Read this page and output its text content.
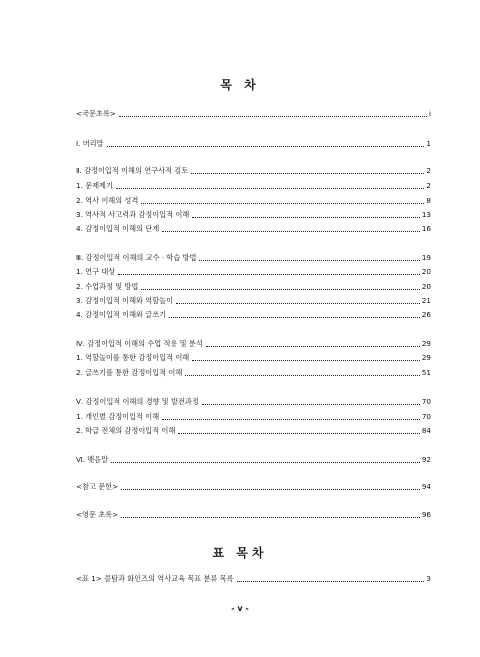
목 차
<국문초록>	i
Ⅰ. 머리말	1
Ⅱ. 감정이입적 이해의 연구사적 검토	2
1. 문제제기	2
2. 역사 이해의 성격	8
3. 역사적 사고력과 감정이입적 이해	13
4. 감정이입적 이해의 단계	16
Ⅲ. 감정이입적 이해의 교수 · 학습 방법	19
1. 연구 대상	20
2. 수업과정 및 방법	20
3. 감정이입적 이해와 역할놀이	21
4. 감정이입적 이해와 글쓰기	26
Ⅳ. 감정이입적 이해의 수업 적용 및 분석	29
1. 역할놀이를 통한 감정이입적 이해	29
2. 글쓰기를 통한 감정이입적 이해	51
Ⅴ. 감정이입적 이해의 경향 및 발전과정	70
1. 개인별 감정이입적 이해	70
2. 학급 전체의 감정이입적 이해	84
Ⅵ. 맺음말	92
<참고 문헌>	94
<영문 초록>	96
표 목차
<표 1> 콜탐과 화인즈의 역사교육 목표 분류 목록	3
- v -
